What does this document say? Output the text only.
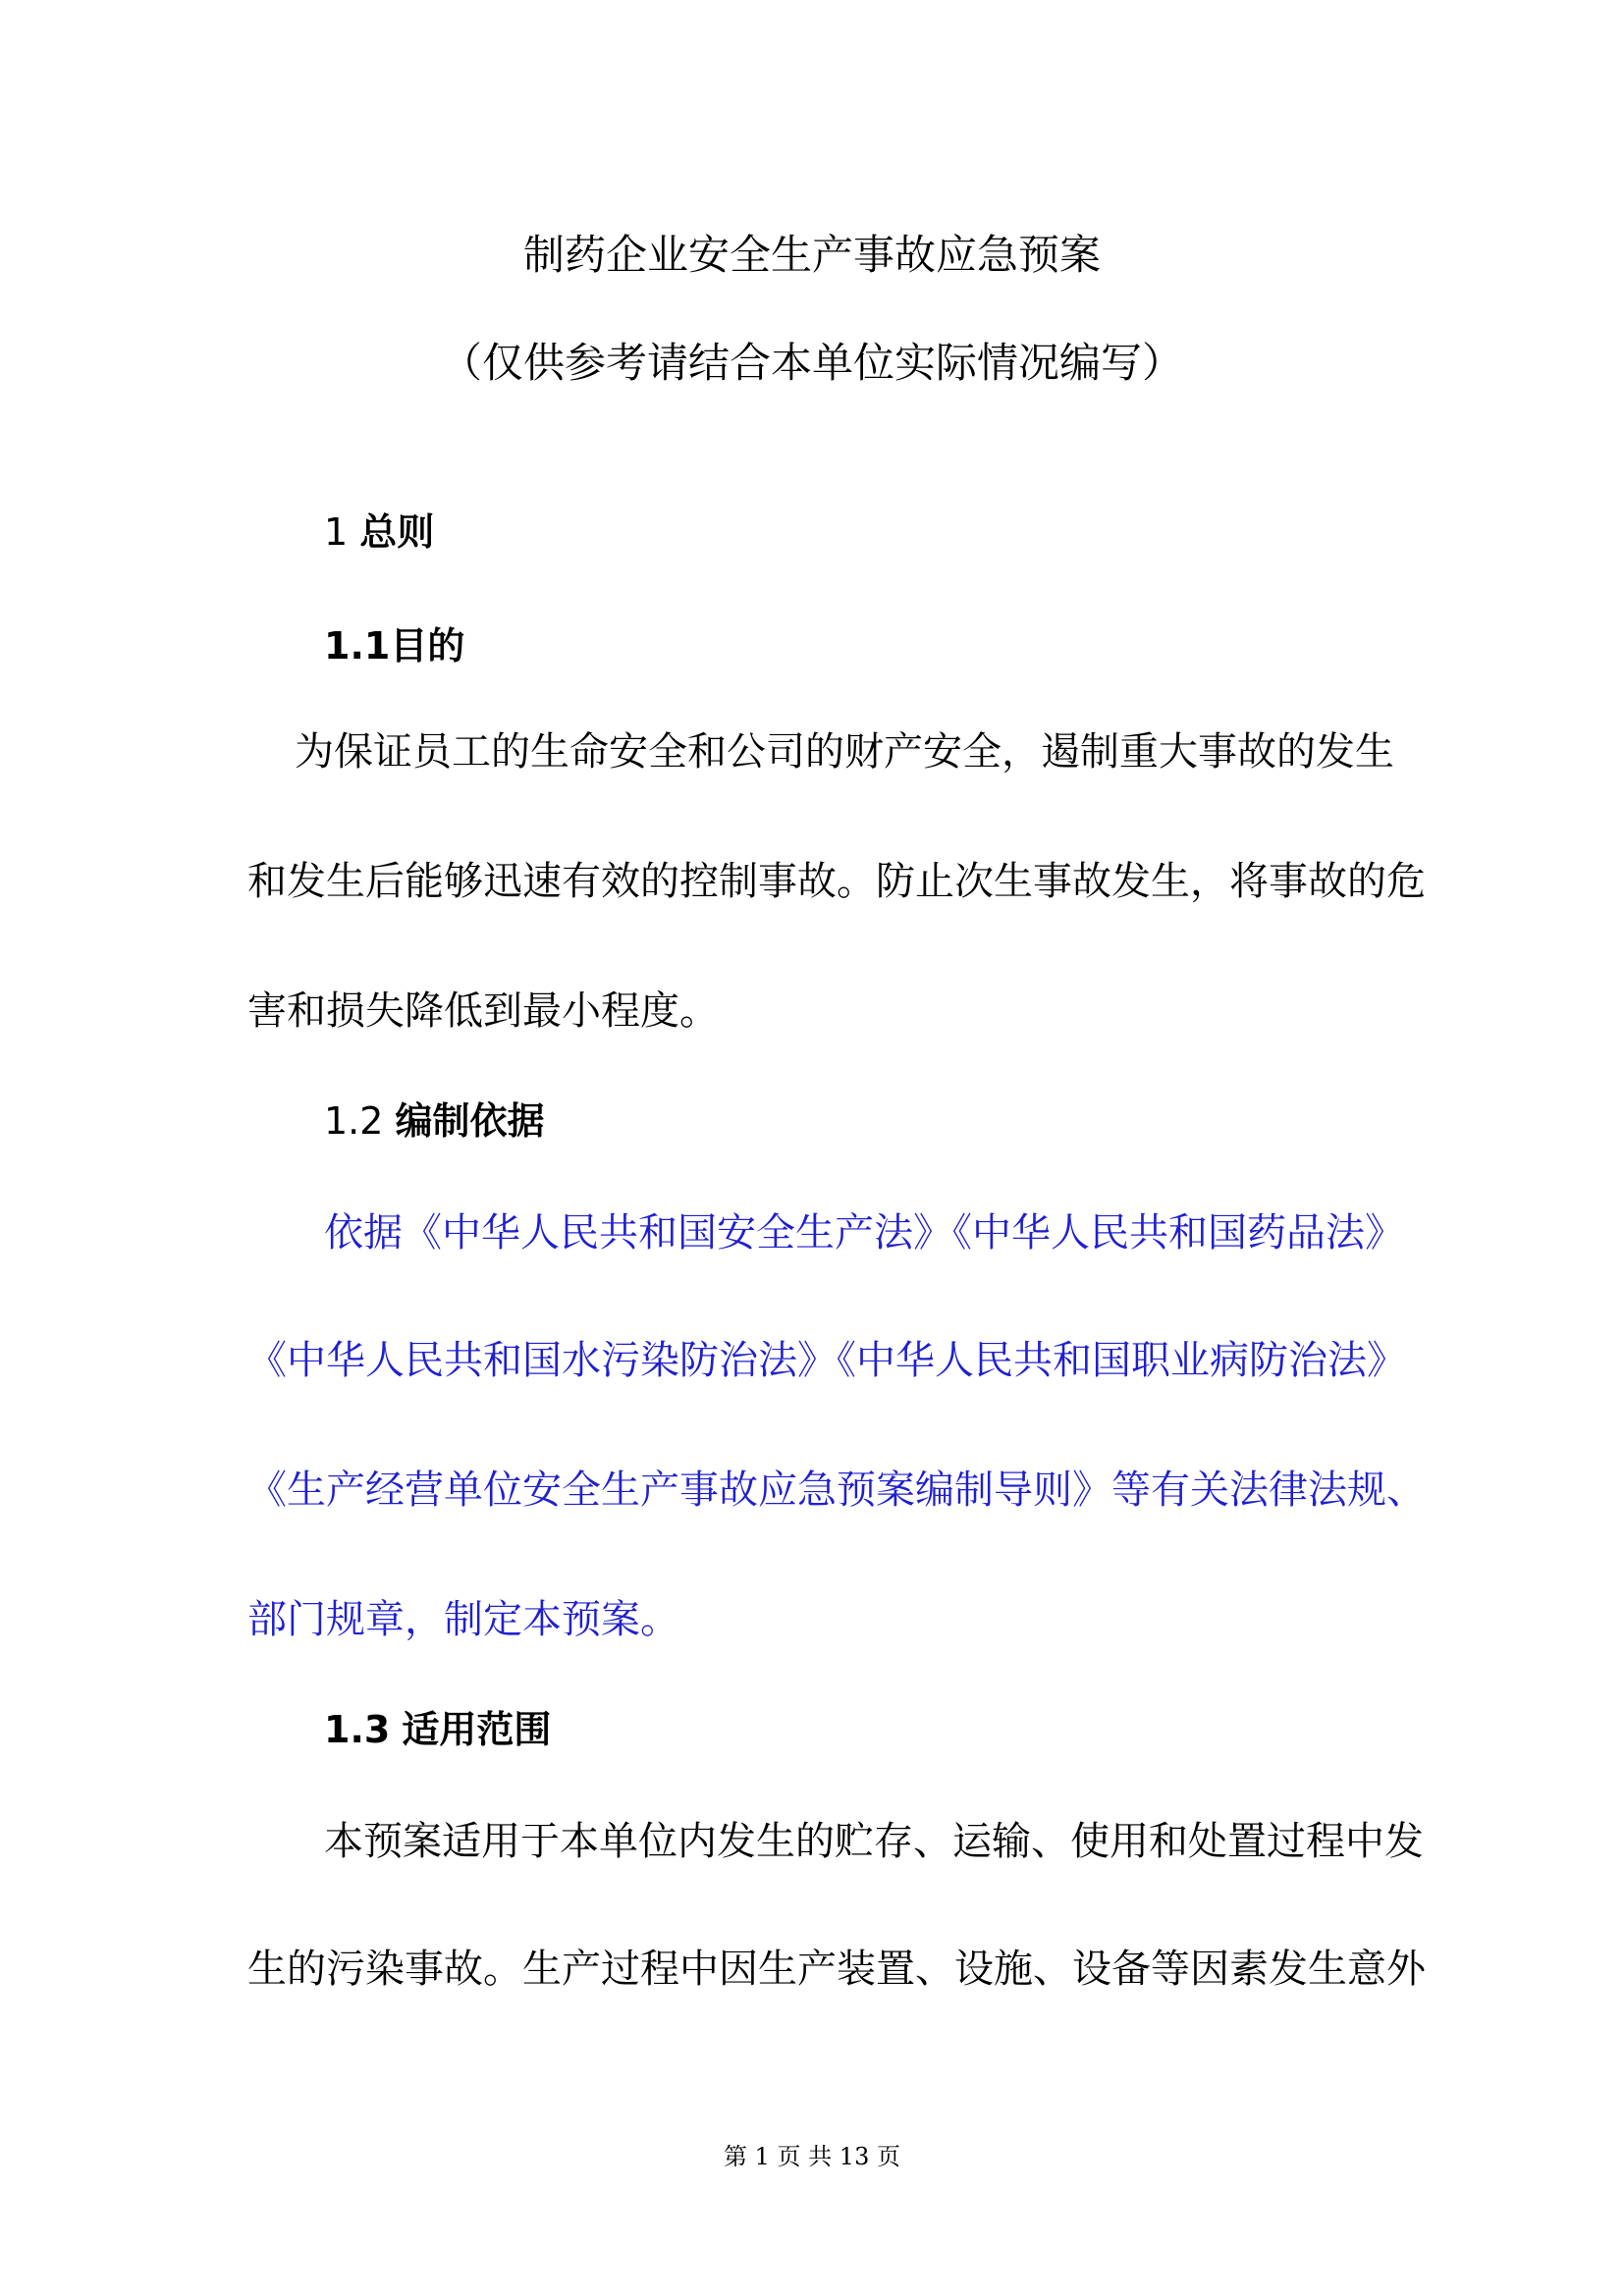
制药企业安全生产事故应急预案
（仅供参考请结合本单位实际情况编写）
1 总则
1.1目的
为保证员工的生命安全和公司的财产安全，遏制重大事故的发生
和发生后能够迅速有效的控制事故。防止次生事故发生，将事故的危
害和损失降低到最小程度。
1.2 编制依据
依据《中华人民共和国安全生产法》《中华人民共和国药品法》
《中华人民共和国水污染防治法》《中华人民共和国职业病防治法》
《生产经营单位安全生产事故应急预案编制导则》等有关法律法规、
部门规章，制定本预案。
1.3 适用范围
本预案适用于本单位内发生的贮存、运输、使用和处置过程中发
生的污染事故。生产过程中因生产装置、设施、设备等因素发生意外
第 1 页 共 13 页
